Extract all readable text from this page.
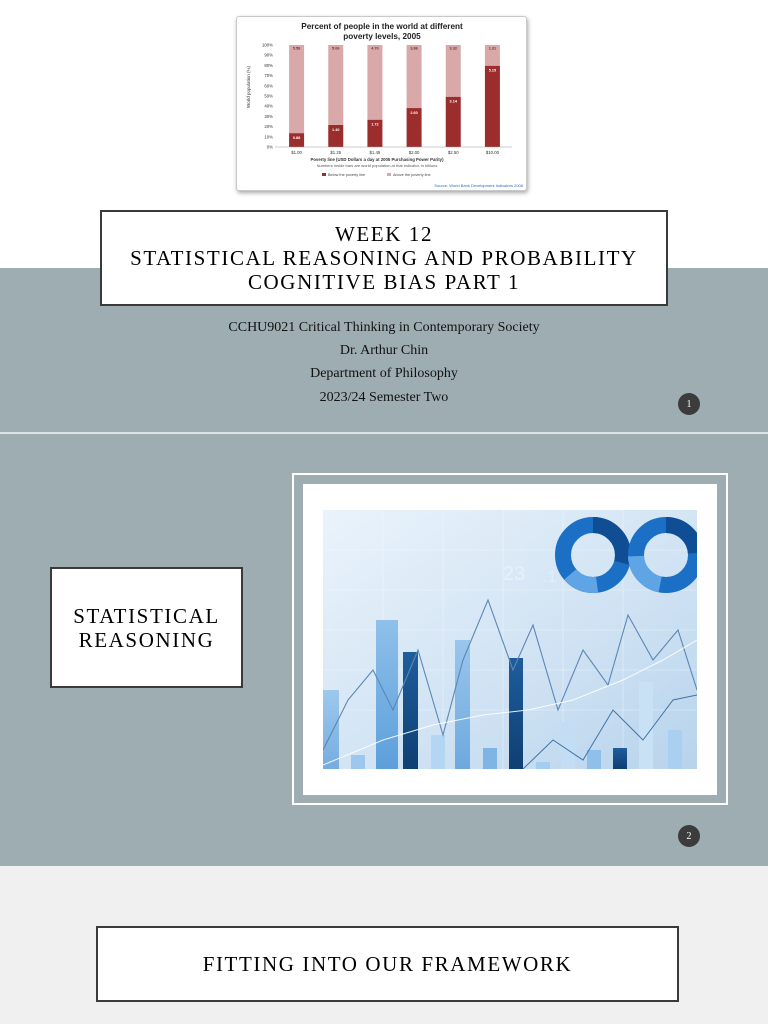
Percent of people in the world at different
poverty levels, 2005
World population (%)
0%
10%
20%
30%
40%
50%
60%
70%
80%
90%
100%
0.88
5.58
$1.00
1.40
5.06
$1.25
1.72
4.70
$1.45
2.60
3.86
$2.00
3.14
3.32
$2.50
5.15
1.31
$10.00
Poverty line (USD Dollars a day at 2005 Purchasing Power Parity)
Numbers inside bars are world population at that indicator, in billions
Below the poverty line	Above the poverty line
Source: World Bank Development Indicators 2008
WEEK 12
STATISTICAL REASONING AND PROBABILITY
COGNITIVE BIAS PART 1
CCHU9021 Critical Thinking in Contemporary Society
Dr. Arthur Chin
Department of Philosophy
2023/24 Semester Two	1
STATISTICAL
REASONING
23 .1
2
FITTING INTO OUR FRAMEWORK
